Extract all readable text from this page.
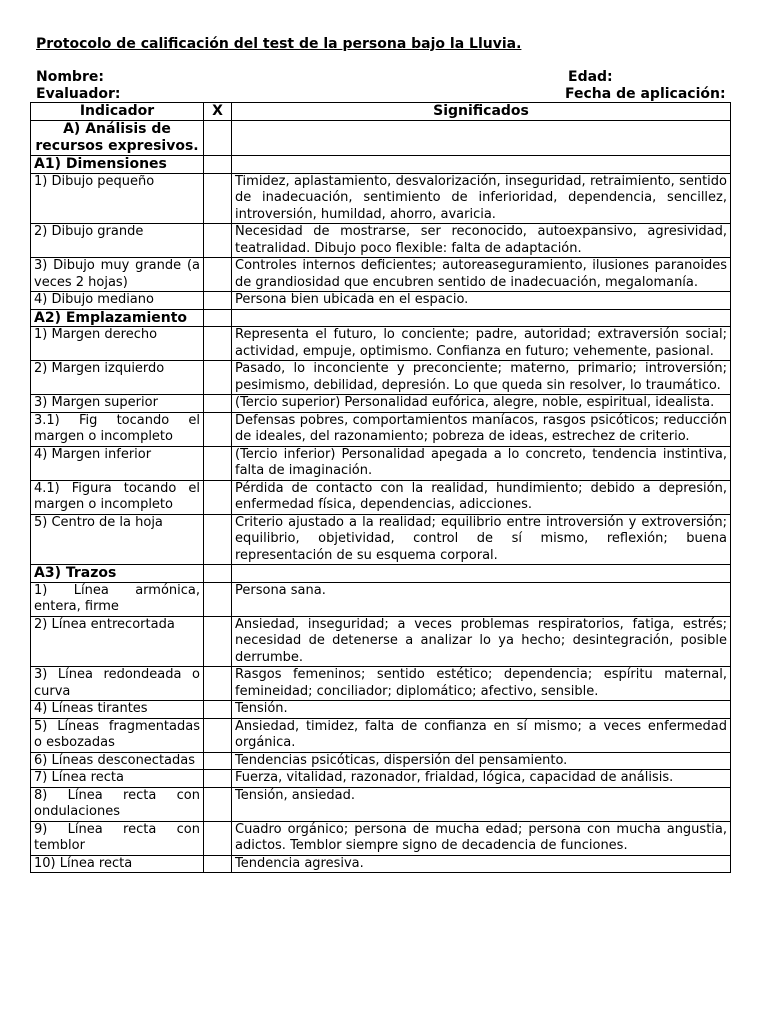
Protocolo de calificación del test de la persona bajo la Lluvia.
Nombre:	Edad:
Evaluador:	Fecha de aplicación:
Indicador	X	Significados
A) Análisis de recursos expresivos.		
A1) Dimensiones		
1) Dibujo pequeño		Timidez, aplastamiento, desvalorización, inseguridad, retraimiento, sentido de inadecuación, sentimiento de inferioridad, dependencia, sencillez, introversión, humildad, ahorro, avaricia.
2) Dibujo grande		Necesidad de mostrarse, ser reconocido, autoexpansivo, agresividad, teatralidad. Dibujo poco flexible: falta de adaptación.
3) Dibujo muy grande (a veces 2 hojas)		Controles internos deficientes; autoreaseguramiento, ilusiones paranoides de grandiosidad que encubren sentido de inadecuación, megalomanía.
4) Dibujo mediano		Persona bien ubicada en el espacio.
A2) Emplazamiento		
1) Margen derecho		Representa el futuro, lo conciente; padre, autoridad; extraversión social; actividad, empuje, optimismo. Confianza en futuro; vehemente, pasional.
2) Margen izquierdo		Pasado, lo inconciente y preconciente; materno, primario; introversión; pesimismo, debilidad, depresión. Lo que queda sin resolver, lo traumático.
3) Margen superior		(Tercio superior) Personalidad eufórica, alegre, noble, espiritual, idealista.
3.1) Fig tocando el margen o incompleto		Defensas pobres, comportamientos maníacos, rasgos psicóticos; reducción de ideales, del razonamiento; pobreza de ideas, estrechez de criterio.
4) Margen inferior		(Tercio inferior) Personalidad apegada a lo concreto, tendencia instintiva, falta de imaginación.
4.1) Figura tocando el margen o incompleto		Pérdida de contacto con la realidad, hundimiento; debido a depresión, enfermedad física, dependencias, adicciones.
5) Centro de la hoja		Criterio ajustado a la realidad; equilibrio entre introversión y extroversión; equilibrio, objetividad, control de sí mismo, reflexión; buena representación de su esquema corporal.
A3) Trazos		
1) Línea armónica, entera, firme		Persona sana.
2) Línea entrecortada		Ansiedad, inseguridad; a veces problemas respiratorios, fatiga, estrés; necesidad de detenerse a analizar lo ya hecho; desintegración, posible derrumbe.
3) Línea redondeada o curva		Rasgos femeninos; sentido estético; dependencia; espíritu maternal, femineidad; conciliador; diplomático; afectivo, sensible.
4) Líneas tirantes		Tensión.
5) Líneas fragmentadas o esbozadas		Ansiedad, timidez, falta de confianza en sí mismo; a veces enfermedad orgánica.
6) Líneas desconectadas		Tendencias psicóticas, dispersión del pensamiento.
7) Línea recta		Fuerza, vitalidad, razonador, frialdad, lógica, capacidad de análisis.
8) Línea recta con ondulaciones		Tensión, ansiedad.
9) Línea recta con temblor		Cuadro orgánico; persona de mucha edad; persona con mucha angustia, adictos. Temblor siempre signo de decadencia de funciones.
10) Línea recta		Tendencia agresiva.
